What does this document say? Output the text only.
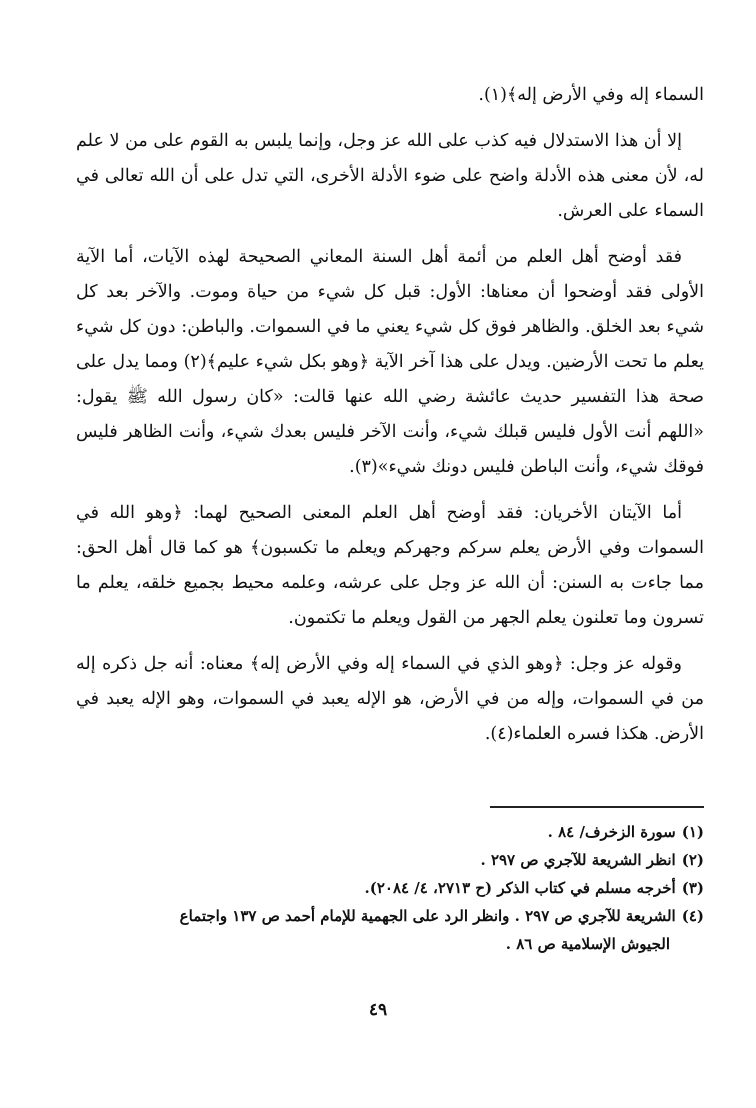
السماء إله وفي الأرض إله﴾(١).

إلا أن هذا الاستدلال فيه كذب على الله عز وجل، وإنما يلبس به القوم على من لا علم له، لأن معنى هذه الأدلة واضح على ضوء الأدلة الأخرى، التي تدل على أن الله تعالى في السماء على العرش.

فقد أوضح أهل العلم من أئمة أهل السنة المعاني الصحيحة لهذه الآيات، أما الآية الأولى فقد أوضحوا أن معناها: الأول: قبل كل شيء من حياة وموت. والآخر بعد كل شيء بعد الخلق. والظاهر فوق كل شيء يعني ما في السموات. والباطن: دون كل شيء يعلم ما تحت الأرضين. ويدل على هذا آخر الآية ﴿وهو بكل شيء عليم﴾(٢) ومما يدل على صحة هذا التفسير حديث عائشة رضي الله عنها قالت: «كان رسول الله ﷺ يقول: «اللهم أنت الأول فليس قبلك شيء، وأنت الآخر فليس بعدك شيء، وأنت الظاهر فليس فوقك شيء، وأنت الباطن فليس دونك شيء»(٣).

أما الآيتان الأخريان: فقد أوضح أهل العلم المعنى الصحيح لهما: ﴿وهو الله في السموات وفي الأرض يعلم سركم وجهركم ويعلم ما تكسبون﴾ هو كما قال أهل الحق: مما جاءت به السنن: أن الله عز وجل على عرشه، وعلمه محيط بجميع خلقه، يعلم ما تسرون وما تعلنون يعلم الجهر من القول ويعلم ما تكتمون.

وقوله عز وجل: ﴿وهو الذي في السماء إله وفي الأرض إله﴾ معناه: أنه جل ذكره إله من في السموات، وإله من في الأرض، هو الإله يعبد في السموات، وهو الإله يعبد في الأرض. هكذا فسره العلماء(٤).

(١)سورة الزخرف/ ٨٤ .

(٢)انظر الشريعة للآجري ص ٢٩٧ .

(٣)أخرجه مسلم في كتاب الذكر (ح ٢٧١٣، ٤/ ٢٠٨٤).

(٤)الشريعة للآجري ص ٢٩٧ . وانظر الرد على الجهمية للإمام أحمد ص ١٣٧ واجتماع

الجيوش الإسلامية ص ٨٦ .

٤٩
